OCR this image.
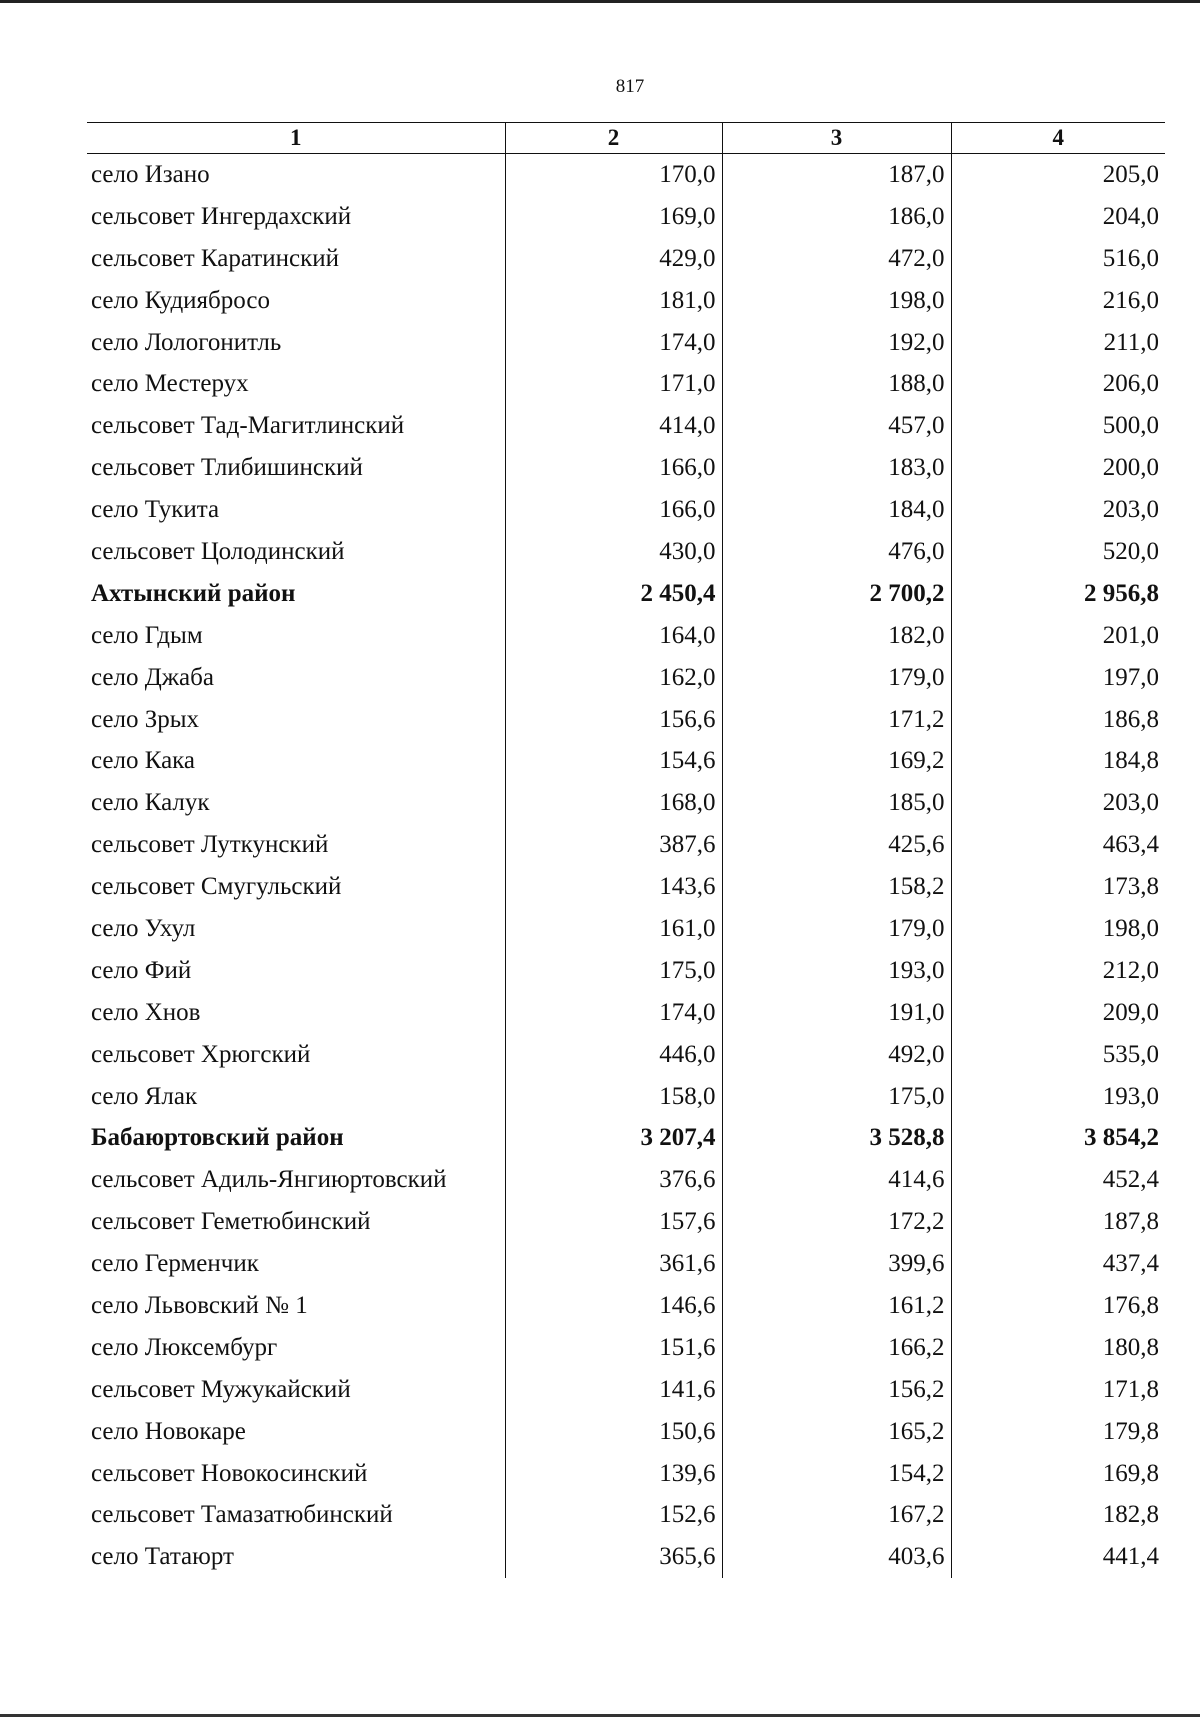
817
1	2	3	4
село Изано	170,0	187,0	205,0
сельсовет Ингердахский	169,0	186,0	204,0
сельсовет Каратинский	429,0	472,0	516,0
село Кудиябросо	181,0	198,0	216,0
село Лологонитль	174,0	192,0	211,0
село Местерух	171,0	188,0	206,0
сельсовет Тад-Магитлинский	414,0	457,0	500,0
сельсовет Тлибишинский	166,0	183,0	200,0
село Тукита	166,0	184,0	203,0
сельсовет Цолодинский	430,0	476,0	520,0
Ахтынский район	2 450,4	2 700,2	2 956,8
село Гдым	164,0	182,0	201,0
село Джаба	162,0	179,0	197,0
село Зрых	156,6	171,2	186,8
село Кака	154,6	169,2	184,8
село Калук	168,0	185,0	203,0
сельсовет Луткунский	387,6	425,6	463,4
сельсовет Смугульский	143,6	158,2	173,8
село Ухул	161,0	179,0	198,0
село Фий	175,0	193,0	212,0
село Хнов	174,0	191,0	209,0
сельсовет Хрюгский	446,0	492,0	535,0
село Ялак	158,0	175,0	193,0
Бабаюртовский район	3 207,4	3 528,8	3 854,2
сельсовет Адиль-Янгиюртовский	376,6	414,6	452,4
сельсовет Геметюбинский	157,6	172,2	187,8
село Герменчик	361,6	399,6	437,4
село Львовский № 1	146,6	161,2	176,8
село Люксембург	151,6	166,2	180,8
сельсовет Мужукайский	141,6	156,2	171,8
село Новокаре	150,6	165,2	179,8
сельсовет Новокосинский	139,6	154,2	169,8
сельсовет Тамазатюбинский	152,6	167,2	182,8
село Татаюрт	365,6	403,6	441,4
